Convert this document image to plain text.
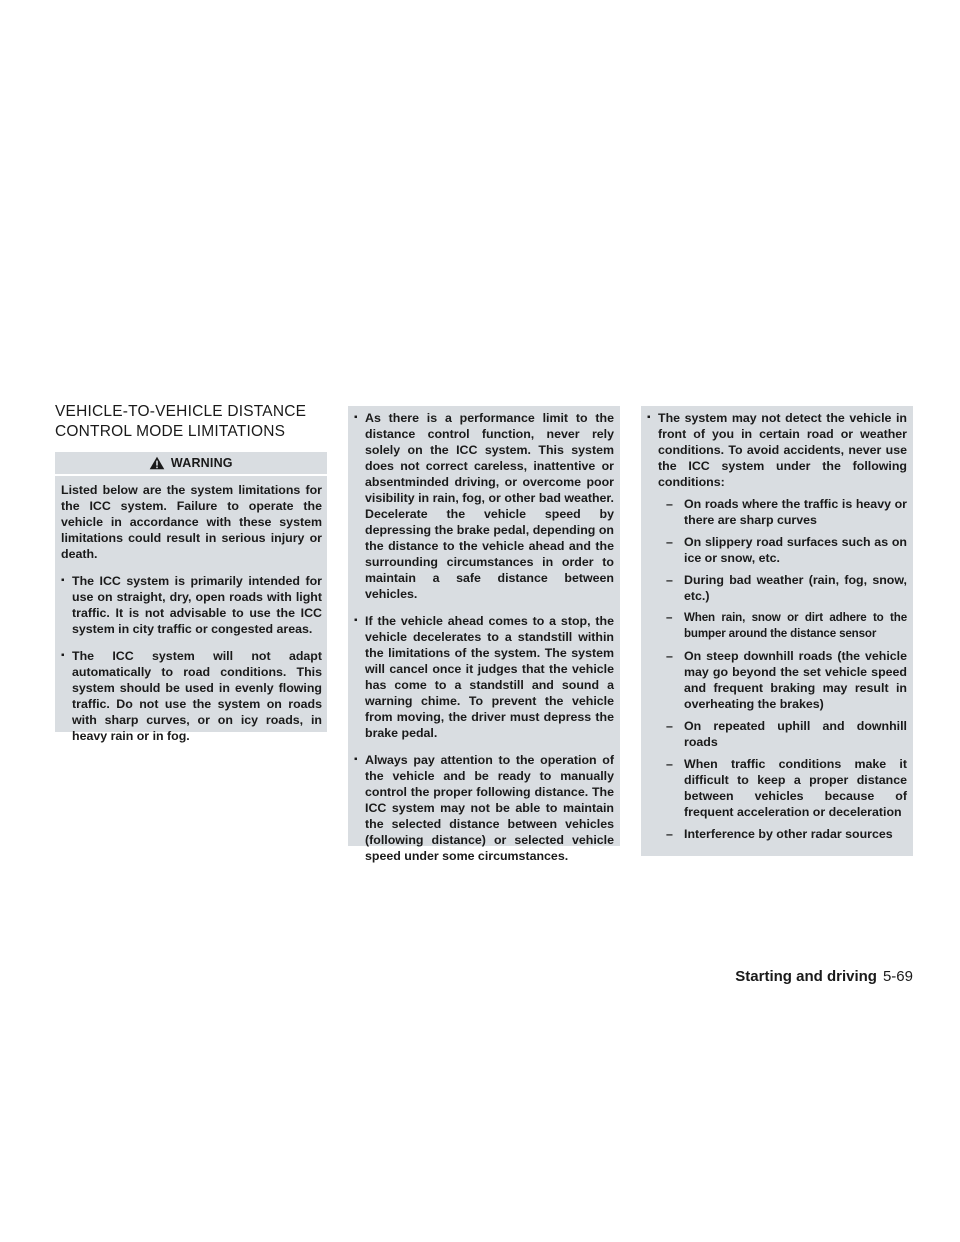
VEHICLE-TO-VEHICLE DISTANCE
CONTROL MODE LIMITATIONS
WARNING

Listed below are the system limitations for the ICC system. Failure to operate the vehicle in accordance with these system limitations could result in serious injury or death.

▪ The ICC system is primarily intended for use on straight, dry, open roads with light traffic. It is not advisable to use the ICC system in city traffic or congested areas.
▪ The ICC system will not adapt automatically to road conditions. This system should be used in evenly flowing traffic. Do not use the system on roads with sharp curves, or on icy roads, in heavy rain or in fog.
▪ As there is a performance limit to the distance control function, never rely solely on the ICC system. This system does not correct careless, inattentive or absentminded driving, or overcome poor visibility in rain, fog, or other bad weather. Decelerate the vehicle speed by depressing the brake pedal, depending on the distance to the vehicle ahead and the surrounding circumstances in order to maintain a safe distance between vehicles.
▪ If the vehicle ahead comes to a stop, the vehicle decelerates to a standstill within the limitations of the system. The system will cancel once it judges that the vehicle has come to a standstill and sound a warning chime. To prevent the vehicle from moving, the driver must depress the brake pedal.
▪ Always pay attention to the operation of the vehicle and be ready to manually control the proper following distance. The ICC system may not be able to maintain the selected distance between vehicles (following distance) or selected vehicle speed under some circumstances.
▪ The system may not detect the vehicle in front of you in certain road or weather conditions. To avoid accidents, never use the ICC system under the following conditions:
– On roads where the traffic is heavy or there are sharp curves
– On slippery road surfaces such as on ice or snow, etc.
– During bad weather (rain, fog, snow, etc.)
– When rain, snow or dirt adhere to the bumper around the distance sensor
– On steep downhill roads (the vehicle may go beyond the set vehicle speed and frequent braking may result in overheating the brakes)
– On repeated uphill and downhill roads
– When traffic conditions make it difficult to keep a proper distance between vehicles because of frequent acceleration or deceleration
– Interference by other radar sources
Starting and driving 5-69
